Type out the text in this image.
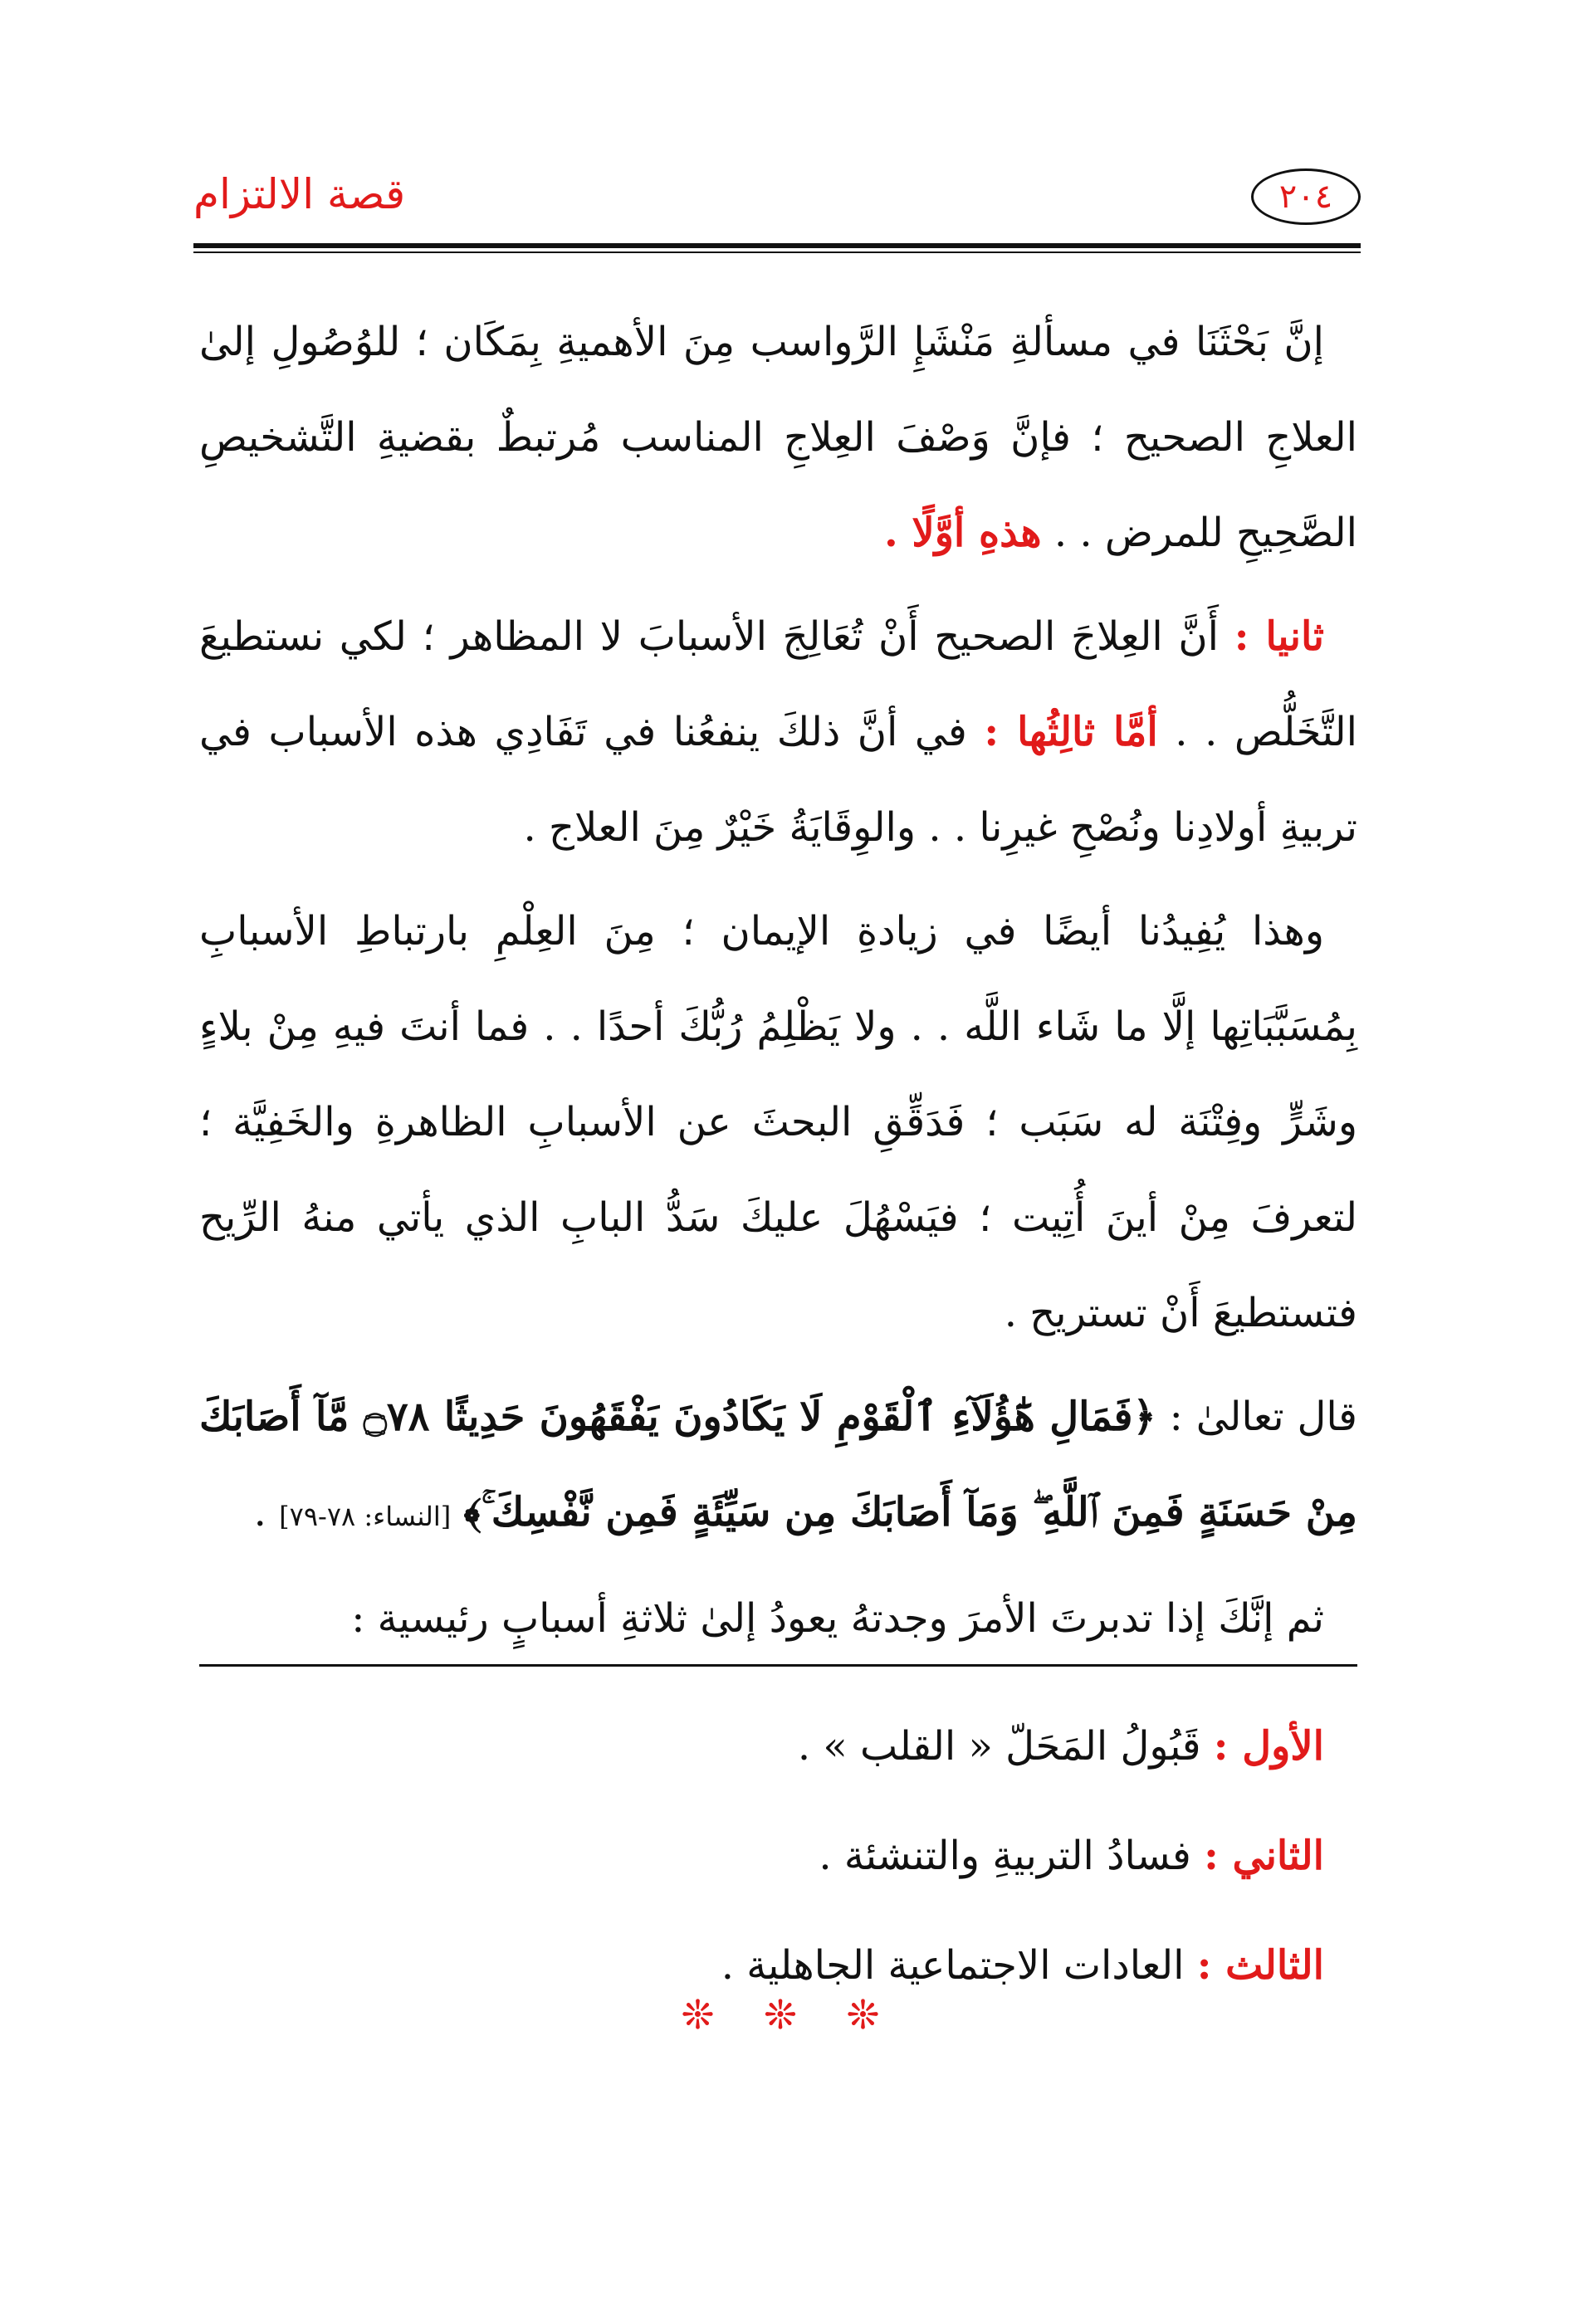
قصة الالتزام	٢٠٤

إنَّ بَحْثَنَا في مسألةِ مَنْشَإِ الرَّواسب مِنَ الأهميةِ بِمَكَان ؛ للوُصُولِ إلىٰ العلاجِ الصحيح ؛ فإنَّ وَصْفَ العِلاجِ المناسب مُرتبطٌ بقضيةِ التَّشخيصِ الصَّحِيحِ للمرض . . هذهِ أوَّلًا .

ثانيا : أَنَّ العِلاجَ الصحيح أَنْ تُعَالِجَ الأسبابَ لا المظاهر ؛ لكي نستطيعَ التَّخَلُّص . . أمَّا ثالِثُها : في أنَّ ذلكَ ينفعُنا في تَفَادِي هذه الأسباب في تربيةِ أولادِنا ونُصْحِ غيرِنا . . والوِقَايَةُ خَيْرٌ مِنَ العلاج .

وهذا يُفِيدُنا أيضًا في زيادةِ الإيمان ؛ مِنَ العِلْمِ بارتباطِ الأسبابِ بِمُسَبَّبَاتِها إلَّا ما شَاء اللَّه . . ولا يَظْلِمُ رُبُّكَ أحدًا . . فما أنتَ فيهِ مِنْ بلاءٍ وشَرٍّ وفِتْنَة له سَبَب ؛ فَدَقِّقِ البحثَ عن الأسبابِ الظاهرةِ والخَفِيَّة ؛ لتعرفَ مِنْ أينَ أُتِيت ؛ فيَسْهُلَ عليكَ سَدُّ البابِ الذي يأتي منهُ الرِّيح فتستطيعَ أَنْ تستريح .

قال تعالىٰ : ﴿فَمَالِ هَٰٓؤُلَآءِ ٱلْقَوْمِ لَا يَكَادُونَ يَفْقَهُونَ حَدِيثًا ۝٧٨ مَّآ أَصَابَكَ مِنْ حَسَنَةٍ فَمِنَ ٱللَّهِ ۖ وَمَآ أَصَابَكَ مِن سَيِّئَةٍ فَمِن نَّفْسِكَ ۚ﴾ [النساء: ٧٨-٧٩] .

ثم إنَّكَ إذا تدبرتَ الأمرَ وجدتهُ يعودُ إلىٰ ثلاثةِ أسبابٍ رئيسية :

الأول : قَبُولُ المَحَلّ « القلب » .
الثاني : فسادُ التربيةِ والتنشئة .
الثالث : العادات الاجتماعية الجاهلية .
❊ ❊ ❊
